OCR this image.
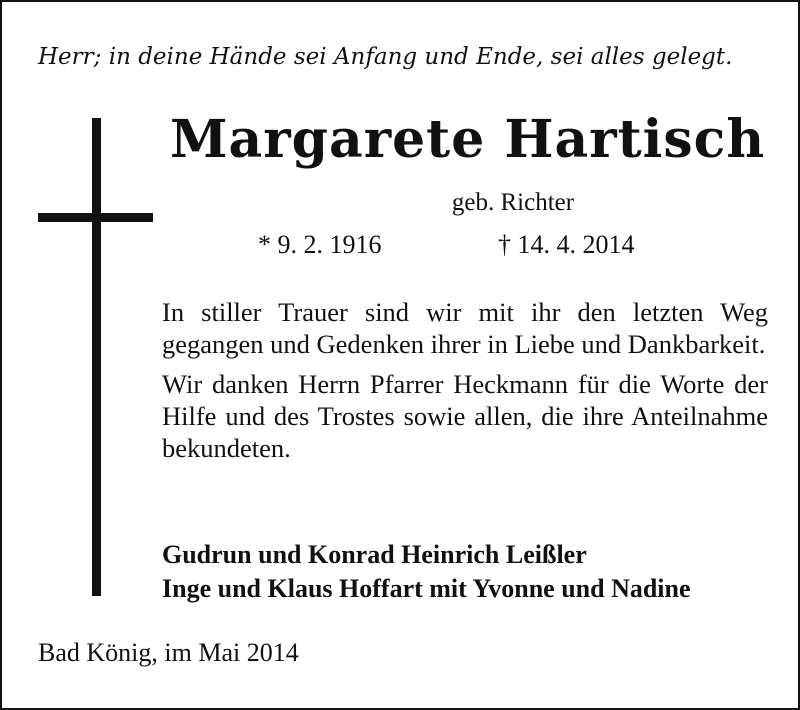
Herr; in deine Hände sei Anfang und Ende, sei alles gelegt.
Margarete Hartisch
geb. Richter
* 9. 2. 1916	† 14. 4. 2014

In stiller Trauer sind wir mit ihr den letzten Weg gegangen und Gedenken ihrer in Liebe und Dankbarkeit.

Wir danken Herrn Pfarrer Heckmann für die Worte der Hilfe und des Trostes sowie allen, die ihre Anteilnahme bekundeten.

Gudrun und Konrad Heinrich Leißler
Inge und Klaus Hoffart mit Yvonne und Nadine
Bad König, im Mai 2014
